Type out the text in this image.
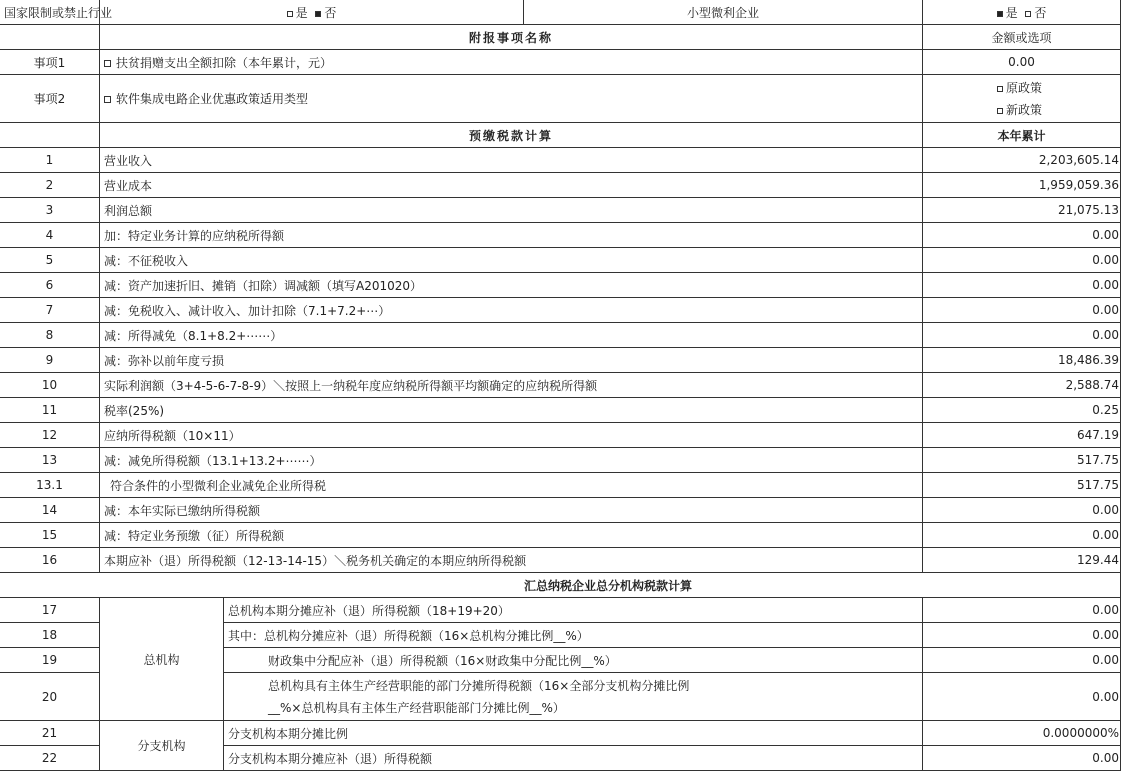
国家限制或禁止行业	是 否		小型微利企业	是 否
	附报事项名称			金额或选项
事项1	扶贫捐赠支出全额扣除（本年累计，元）			0.00
事项2	软件集成电路企业优惠政策适用类型			原政策
新政策

	预缴税款计算			本年累计
1	营业收入			2,203,605.14
2	营业成本			1,959,059.36
3	利润总额			21,075.13
4	加：特定业务计算的应纳税所得额			0.00
5	减：不征税收入			0.00
6	减：资产加速折旧、摊销（扣除）调减额（填写A201020）			0.00
7	减：免税收入、减计收入、加计扣除（7.1+7.2+⋯）			0.00
8	减：所得减免（8.1+8.2+⋯⋯）			0.00
9	减：弥补以前年度亏损			18,486.39
10	实际利润额（3+4-5-6-7-8-9）＼按照上一纳税年度应纳税所得额平均额确定的应纳税所得额			2,588.74
11	税率(25%)			0.25
12	应纳所得税额（10×11）			647.19
13	减：减免所得税额（13.1+13.2+⋯⋯）			517.75
13.1	符合条件的小型微利企业减免企业所得税			517.75
14	减：本年实际已缴纳所得税额			0.00
15	减：特定业务预缴（征）所得税额			0.00
16	本期应补（退）所得税额（12-13-14-15）＼税务机关确定的本期应纳所得税额			129.44
汇总纳税企业总分机构税款计算				
17	总机构	总机构本期分摊应补（退）所得税额（18+19+20）		0.00
18		其中：总机构分摊应补（退）所得税额（16×总机构分摊比例__%）		0.00
19		财政集中分配应补（退）所得税额（16×财政集中分配比例__%）		0.00
20		总机构具有主体生产经营职能的部门分摊所得税额（16×全部分支机构分摊比例
__%×总机构具有主体生产经营职能部门分摊比例__%）		0.00
21	分支机构	分支机构本期分摊比例		0.0000000%
22		分支机构本期分摊应补（退）所得税额		0.00
